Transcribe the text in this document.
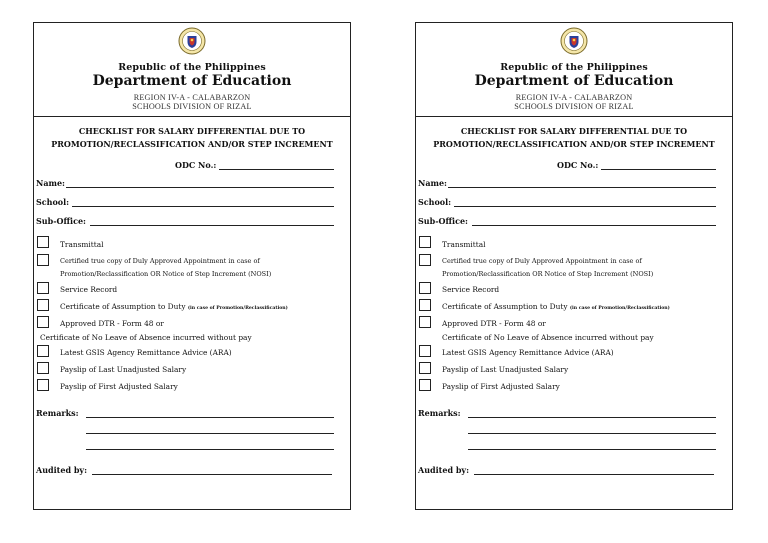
Republic of the Philippines
Department of Education
REGION IV-A - CALABARZON
SCHOOLS DIVISION OF RIZAL
CHECKLIST FOR SALARY DIFFERENTIAL DUE TO
PROMOTION/RECLASSIFICATION AND/OR STEP INCREMENT
ODC No.:
Name:
School:
Sub-Office:
Transmittal
Certified true copy of Duly Approved Appointment in case of
Promotion/Reclassification OR Notice of Step Increment (NOSI)
Service Record
Certificate of Assumption to Duty (in case of Promotion/Reclassification)
Approved DTR - Form 48 or
Certificate of No Leave of Absence incurred without pay
Latest GSIS Agency Remittance Advice (ARA)
Payslip of Last Unadjusted Salary
Payslip of First Adjusted Salary
Remarks:
Audited by:
Republic of the Philippines
Department of Education
REGION IV-A - CALABARZON
SCHOOLS DIVISION OF RIZAL
CHECKLIST FOR SALARY DIFFERENTIAL DUE TO
PROMOTION/RECLASSIFICATION AND/OR STEP INCREMENT
ODC No.:
Name:
School:
Sub-Office:
Transmittal
Certified true copy of Duly Approved Appointment in case of
Promotion/Reclassification OR Notice of Step Increment (NOSI)
Service Record
Certificate of Assumption to Duty (in case of Promotion/Reclassification)
Approved DTR - Form 48 or
Certificate of No Leave of Absence incurred without pay
Latest GSIS Agency Remittance Advice (ARA)
Payslip of Last Unadjusted Salary
Payslip of First Adjusted Salary
Remarks:
Audited by:
